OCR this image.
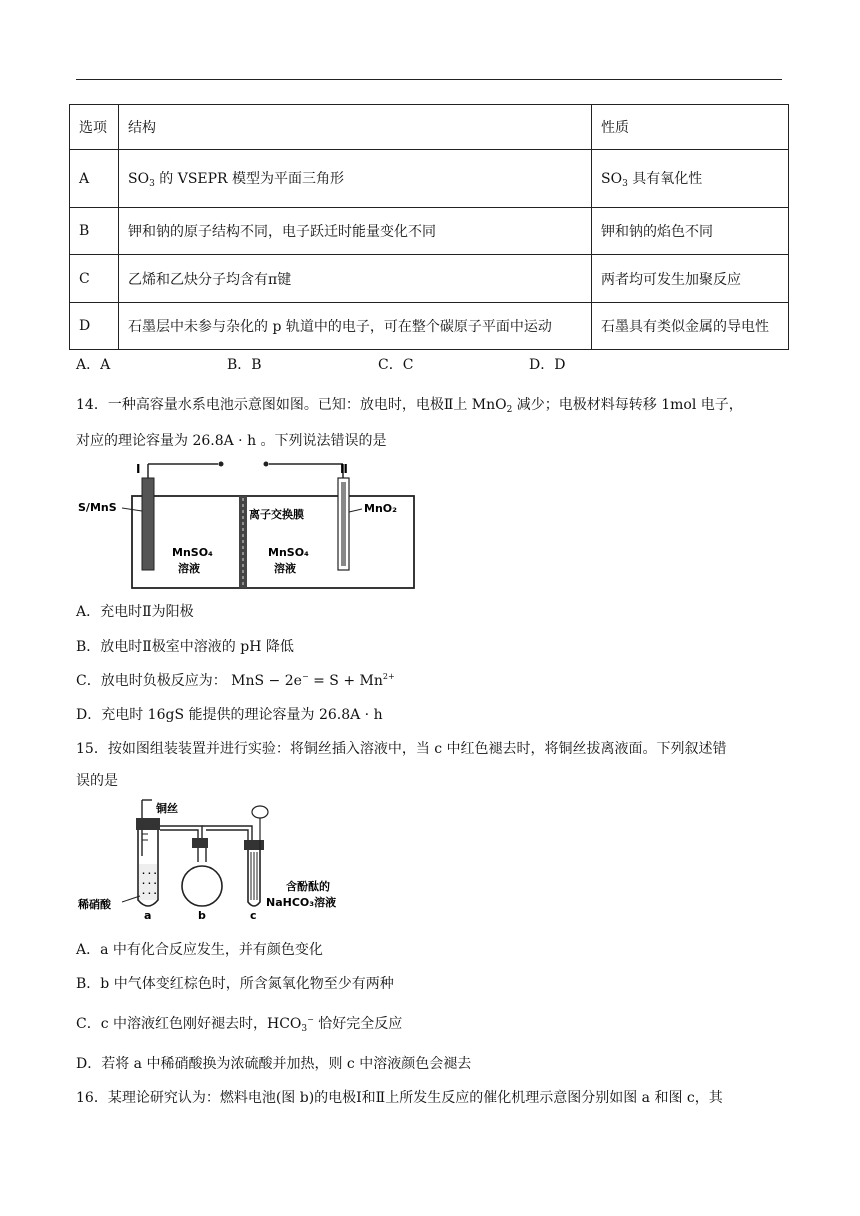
选项	结构	性质
A	$SO_3$ 的 VSEPR 模型为平面三角形	$SO_3$ 具有氧化性
B	钾和钠的原子结构不同，电子跃迁时能量变化不同	钾和钠的焰色不同
C	乙烯和乙炔分子均含有π键	两者均可发生加聚反应
D	石墨层中未参与杂化的 p 轨道中的电子，可在整个碳原子平面中运动	石墨具有类似金属的导电性
A．A	B．B	C．C	D．D
14．一种高容量水系电池示意图如图。已知：放电时，电极Ⅱ上 MnO$_2$ 减少；电极材料每转移 1mol 电子，
对应的理论容量为 26.8A · h 。下列说法错误的是
Ⅰ	Ⅱ
S/MnS	MnO₂
离子交换膜
MnSO₄
溶液
MnSO₄
溶液
A．充电时Ⅱ为阳极
B．放电时Ⅱ极室中溶液的 pH 降低
C．放电时负极反应为： MnS − $2e^- = S + Mn^{2+}$
D．充电时 16gS 能提供的理论容量为 26.8A · h
15．按如图组装装置并进行实验：将铜丝插入溶液中，当 c 中红色褪去时，将铜丝拔离液面。下列叙述错
误的是
铜丝
· · ·
· · ·
· · ·
稀硝酸
a	b	c
含酚酞的
NaHCO₃溶液
A．a 中有化合反应发生，并有颜色变化
B．b 中气体变红棕色时，所含氮氧化物至少有两种
C．c 中溶液红色刚好褪去时，$HCO_3^-$ 恰好完全反应
D．若将 a 中稀硝酸换为浓硫酸并加热，则 c 中溶液颜色会褪去
16．某理论研究认为：燃料电池(图 b)的电极Ⅰ和Ⅱ上所发生反应的催化机理示意图分别如图 a 和图 c，其
